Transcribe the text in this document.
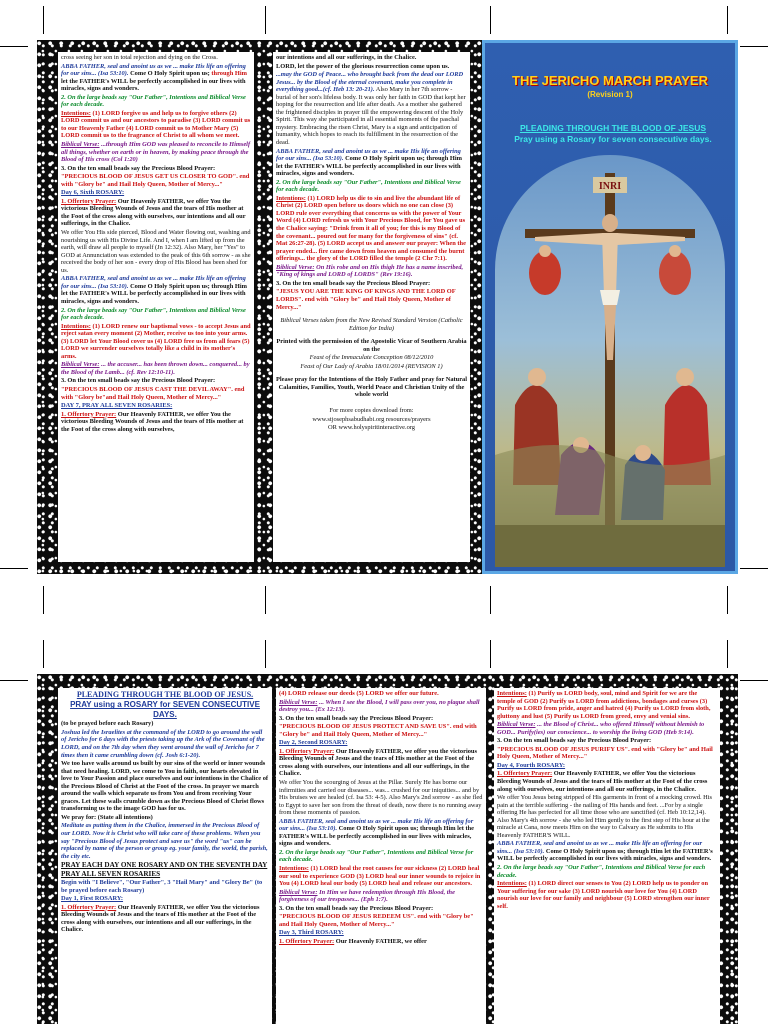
cross seeing her son in total rejection and dying on the Cross.

ABBA FATHER, seal and anoint us as we ... make His life an offering for our sins... (Isa 53:10). Come O Holy Spirit upon us; through Him let the FATHER's WILL be perfectly accomplished in our lives with miracles, signs and wonders.

2. On the large beads say "Our Father", Intentions and Biblical Verse for each decade.

Intentions: (1) LORD forgive us and help us to forgive others (2) LORD commit us and our ancestors to paradise (3) LORD commit us to our Heavenly Father (4) LORD commit us to Mother Mary (5) LORD commit us to the fragrance of Christ to all whom we meet.

Biblical Verse: ...through Him GOD was pleased to reconcile to Himself all things, whether on earth or in heaven, by making peace through the Blood of His cross (Col 1:20)

3. On the ten small beads say the Precious Blood Prayer:

"PRECIOUS BLOOD OF JESUS GET US CLOSER TO GOD". end with "Glory be" and Hail Holy Queen, Mother of Mercy..."

Day 6, Sixth ROSARY:

1. Offertory Prayer: Our Heavenly FATHER, we offer You the victorious Bleeding Wounds of Jesus and the tears of His mother at the Foot of the cross along with ourselves, our intentions and all our sufferings, in the Chalice.

We offer You His side pierced, Blood and Water flowing out, washing and nourishing us with His Divine Life. And I, when I am lifted up from the earth, will draw all people to myself (Jn 12:32). Also Mary, her "Yes" to GOD at Annunciation was extended to the peak of this 6th sorrow - as she received the body of her son - every drop of His Blood has been shed for us.

ABBA FATHER, seal and anoint us as we ... make His life an offering for our sins... (Isa 53:10). Come O Holy Spirit upon us; through Him let the FATHER's WILL be perfectly accomplished in our lives with miracles, signs and wonders.

2. On the large beads say "Our Father", Intentions and Biblical Verse for each decade.

Intentions: (1) LORD renew our baptismal vows - to accept Jesus and reject satan every moment (2) Mother, receive us too into your arms. (3) LORD let Your Blood cover us (4) LORD free us from all fears (5) LORD we surrender ourselves totally like a child in its mother's arms.

Biblical Verse: ... the accuser... has been thrown down... conquered... by the Blood of the Lamb... (cf. Rev 12:10-11).

3. On the ten small beads say the Precious Blood Prayer:

"PRECIOUS BLOOD OF JESUS CAST THE DEVIL AWAY". end with "Glory be"and Hail Holy Queen, Mother of Mercy..."

DAY 7, PRAY ALL SEVEN ROSARIES:

1. Offertory Prayer: Our Heavenly FATHER, we offer You the victorious Bleeding Wounds of Jesus and the tears of His mother at the Foot of the cross along with ourselves,

our intentions and all our sufferings, in the Chalice.

LORD, let the power of the glorious resurrection come upon us.

...may the GOD of Peace... who brought back from the dead our LORD Jesus... by the Blood of the eternal covenant, make you complete in everything good...(cf. Heb 13: 20-21). Also Mary in her 7th sorrow - burial of her son's lifeless body. It was only her faith in GOD that kept her hoping for the resurrection and life after death. As a mother she gathered the frightened disciples in prayer till the empowering descent of the Holy Spirit. This way she participated in all essential moments of the paschal mystery. Embracing the risen Christ, Mary is a sign and anticipation of humanity, which hopes to reach its fulfillment in the resurrection of the dead.

ABBA FATHER, seal and anoint us as we ... make His life an offering for our sins... (Isa 53:10). Come O Holy Spirit upon us; through Him let the FATHER's WILL be perfectly accomplished in our lives with miracles, signs and wonders.

2. On the large beads say "Our Father", Intentions and Biblical Verse for each decade.

Intentions: (1) LORD help us die to sin and live the abundant life of Christ (2) LORD open before us doors which no one can close (3) LORD rule over everything that concerns us with the power of Your Word (4) LORD refresh us with Your Precious Blood, for You gave us the Chalice saying: "Drink from it all of you; for this is my Blood of the covenant... poured out for many for the forgiveness of sins" (cf. Mat 26:27-28). (5) LORD accept us and answer our prayer: When the prayer ended... fire came down from heaven and consumed the burnt offerings... the glory of the LORD filled the temple (2 Chr 7:1).

Biblical Verse: On His robe and on His thigh He has a name inscribed, "King of kings and LORD of LORDS" (Rev 19:16).

3. On the ten small beads say the Precious Blood Prayer:

"JESUS YOU ARE THE KING OF KINGS AND THE LORD OF LORDS". end with "Glory be" and Hail Holy Queen, Mother of Mercy..."

Biblical Verses taken from the New Revised Standard Version (Catholic Edition for India)

Printed with the permission of the Apostolic Vicar of Southern Arabia on the

Feast of the Immaculate Conception 08/12/2010

Feast of Our Lady of Arabia 18/01/2014 (REVISION 1)

Please pray for the Intentions of the Holy Father and pray for Natural Calamities, Families, Youth, World Peace and Christian Unity of the whole world

For more copies download from:

www.stjosephsabudhabi.org resources/prayers

OR www.holyspiritinteractive.org

THE JERICHO MARCH PRAYER
(Revision 1)
PLEADING THROUGH THE BLOOD OF JESUS
Pray using a Rosary for seven consecutive days.
INRI

PLEADING THROUGH THE BLOOD OF JESUS.

PRAY using a ROSARY for SEVEN CONSECUTIVE DAYS.

(to be prayed before each Rosary)

Joshua led the Israelites at the command of the LORD to go around the wall of Jericho for 6 days with the priests taking up the Ark of the Covenant of the LORD, and on the 7th day when they went around the wall of Jericho for 7 times then it came crumbling down (cf. Josh 6:1-20).

We too have walls around us built by our sins of the world or inner wounds that need healing. LORD, we come to You in faith, our hearts elevated in love to Your Passion and place ourselves and our intentions in the Chalice of the Precious Blood of Christ at the Foot of the cross. In prayer we march around the walls which separate us from You and from receiving Your graces. Let these walls crumble down as the Precious Blood of Christ flows transforming us to the image GOD has for us.

We pray for: (State all intentions)

Meditate as putting them in the Chalice, immersed in the Precious Blood of our LORD. Now it is Christ who will take care of these problems. When you say "Precious Blood of Jesus protect and save us" the word "us" can be replaced by name of the person or group eg. your family, the world, the parish, the city etc.

PRAY EACH DAY ONE ROSARY AND ON THE SEVENTH DAY PRAY ALL SEVEN ROSARIES

Begin with "I Believe", "Our Father", 3 "Hail Mary" and "Glory Be" (to be prayed before each Rosary)

Day 1, First ROSARY:

1. Offertory Prayer: Our Heavenly FATHER, we offer You the victorious Bleeding Wounds of Jesus and the tears of His mother at the Foot of the cross along with ourselves, our intentions and all our sufferings, in the Chalice.

(4) LORD release our deeds (5) LORD we offer our future.

Biblical Verse: ... When I see the Blood, I will pass over you, no plague shall destroy you... (Ex 12:13).

3. On the ten small beads say the Precious Blood Prayer:

"PRECIOUS BLOOD OF JESUS PROTECT AND SAVE US". end with "Glory be" and Hail Holy Queen, Mother of Mercy..."

Day 2, Second ROSARY:

1. Offertory Prayer: Our Heavenly FATHER, we offer you the victorious Bleeding Wounds of Jesus and the tears of His mother at the Foot of the cross along with ourselves, our intentions and all our sufferings, in the Chalice.

We offer You the scourging of Jesus at the Pillar. Surely He has borne our infirmities and carried our diseases... was... crushed for our iniquities... and by His bruises we are healed (cf. Isa 53: 4-5). Also Mary's 2nd sorrow - as she fled to Egypt to save her son from the threat of death, now there is no running away from these moments of passion.

ABBA FATHER, seal and anoint us as we ... make His life an offering for our sins... (Isa 53:10). Come O Holy Spirit upon us; through Him let the FATHER's WILL be perfectly accomplished in our lives with miracles, signs and wonders.

2. On the large beads say "Our Father", Intentions and Biblical Verse for each decade.

Intentions: (1) LORD heal the root causes for our sickness (2) LORD heal our soul to experience GOD (3) LORD heal our inner wounds to rejoice in You (4) LORD heal our body (5) LORD heal and release our ancestors.

Biblical Verse: In Him we have redemption through His Blood, the forgiveness of our trespasses... (Eph 1:7).

3. On the ten small beads say the Precious Blood Prayer:

"PRECIOUS BLOOD OF JESUS REDEEM US". end with "Glory be" and Hail Holy Queen, Mother of Mercy..."

Day 3, Third ROSARY:

1. Offertory Prayer: Our Heavenly FATHER, we offer

Intentions: (1) Purify us LORD body, soul, mind and Spirit for we are the temple of GOD (2) Purify us LORD from addictions, bondages and curses (3) Purify us LORD from pride, anger and hatred (4) Purify us LORD from sloth, gluttony and lust (5) Purify us LORD from greed, envy and venial sins.

Biblical Verse: ... the Blood of Christ... who offered Himself without blemish to GOD... Purify(ies) our conscience... to worship the living GOD (Heb 9:14).

3. On the ten small beads say the Precious Blood Prayer:

"PRECIOUS BLOOD OF JESUS PURIFY US". end with "Glory be" and Hail Holy Queen, Mother of Mercy..."

Day 4, Fourth ROSARY:

1. Offertory Prayer: Our Heavenly FATHER, we offer You the victorious Bleeding Wounds of Jesus and the tears of His mother at the Foot of the cross along with ourselves, our intentions and all our sufferings, in the Chalice.

We offer You Jesus being stripped of His garments in front of a mocking crowd. His pain at the terrible suffering - the nailing of His hands and feet. ...For by a single offering He has perfected for all time those who are sanctified (cf. Heb 10:12,14). Also Mary's 4th sorrow - she who led Him gently to the first step of His hour at the miracle at Cana, now meets Him on the way to Calvary as He submits to His Heavenly FATHER'S WILL.

ABBA FATHER, seal and anoint us as we ... make His life an offering for our sins... (Isa 53:10). Come O Holy Spirit upon us; through Him let the FATHER's WILL be perfectly accomplished in our lives with miracles, signs and wonders.

2. On the large beads say "Our Father", Intentions and Biblical Verse for each decade.

Intentions: (1) LORD direct our senses to You (2) LORD help us to ponder on Your suffering for our sake (3) LORD nourish our love for You (4) LORD nourish our love for our family and neighbour (5) LORD strengthen our inner self.
